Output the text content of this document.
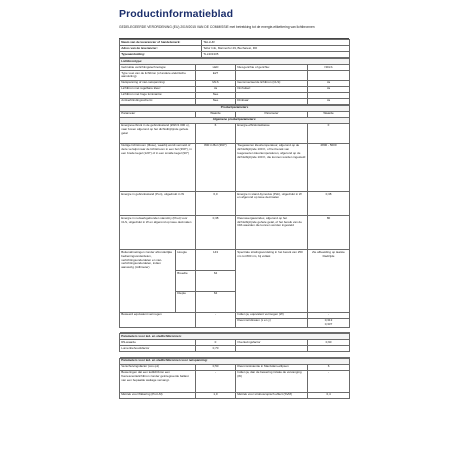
Productinformatieblad
GEDELEGEERDE VERORDENING (EU) 2019/2015 VAN DE COMMISSIE met betrekking tot de energie-etikettering van lichtbronnen
Naam van de leverancier of handelsmerk:	TELLUR
Adres van de leverancier:	Tellur Info, Marmorfor 29, Bucharest, RO
Typeaanduiding:	TLL331335
Lichtbrontype:			
Gebruikte verlichtingstechnologie:	LED	Niet-gerichte of gerichte:	NDLS
Type voet van de lichtbron (of andere elektrische aansluiting)	E27		
Netspanning of niet-netspanning:	MLS	Geconnecteerde lichtbron (CLS):	Ja
Lichtbron met regelbare kleur:	Ja	Omhulsel:	Ja
Lichtbron met hoge luminantie:	Nee		
Antiverblindingsscherm:	Nee	Dimbaar:	Ja
Productparameters				
Parameter		Waarde	Parameter	Waarde
Algemene productparameters:				
Energieverbruik in de gebruiksstand (kWh/1 000 u), naar boven afgerond op het dichtstbijzijnde gehele getal		6	Energie-efficiëntieklasse	F
Nuttige lichtstroom (Φuse), waarbij wordt vermeld of deze verwijst naar de lichtstroom in een bol (360°), in een brede kegel (120°) of in een smalle kegel (90°)		800 in Bol (360°)	Toegewezen kleurtemperatuur, afgerond op de dichtstbijzijnde 100 K, of het bereik van toegewezen kleurtemperaturen, afgerond op de dichtstbijzijnde 100 K, die kunnen worden ingesteld	2800 - 5000
Energie in gebruiksstand (Pon), uitgedrukt in W		6,0	Energie in stand-bymodus (Psb), uitgedrukt in W en afgerond op twee decimalen	0,38
Energie in netwerkgebonden stand-by (Pnet) voor CLS, uitgedrukt in W en afgerond op twee decimalen		0,38	Kleurweergaveindex, afgerond op het dichtstbijzijnde gehele getal, of het bereik van de CRI-waarden die kunnen worden ingesteld	80
Buitenafmetingen zonder afzonderlijke bedieningsonderdelen, verlichtingsonderdelen en niet-verlichtingsonderdelen, indien aanwezig (millimeter)	Hoogte	143	Spectrale stralingsverdeling in het bereik van 250 nm tot 800 nm, bij vollast	Zie afbeelding op laatste bladzijde
	Breedte	64		
	Diepte	64		
Beweerd equivalent vermogen		-	Indien ja, equivalent vermogen (W)	-
			Kleurcoördinaten (x en y)	0,313
0,337

Parameters voor led- en oledlichtbronnen:			
R9-waarde	0	Overlevingsfactor	0,90
Lumenbehoudsfactor	0,70		

Parameters voor led- en oledlichtbronnen voor netspanning:			
Verschuivingsfactor (cos φ1)	0,50	Kleurconsistentie in MacAdam-ellipsen	6
Beweringen dat een ledlichtbron een fluorescentielichtbron zonder geïntegreerde ballast van een bepaalde wattage vervangt.	-	Indien ja, dan de bewering inzake de vervanging (W)	-
Metriek voor flikkering (Pst LM)	1,0	Metriek voor stroboscopisch effect (SVM)	0,4
